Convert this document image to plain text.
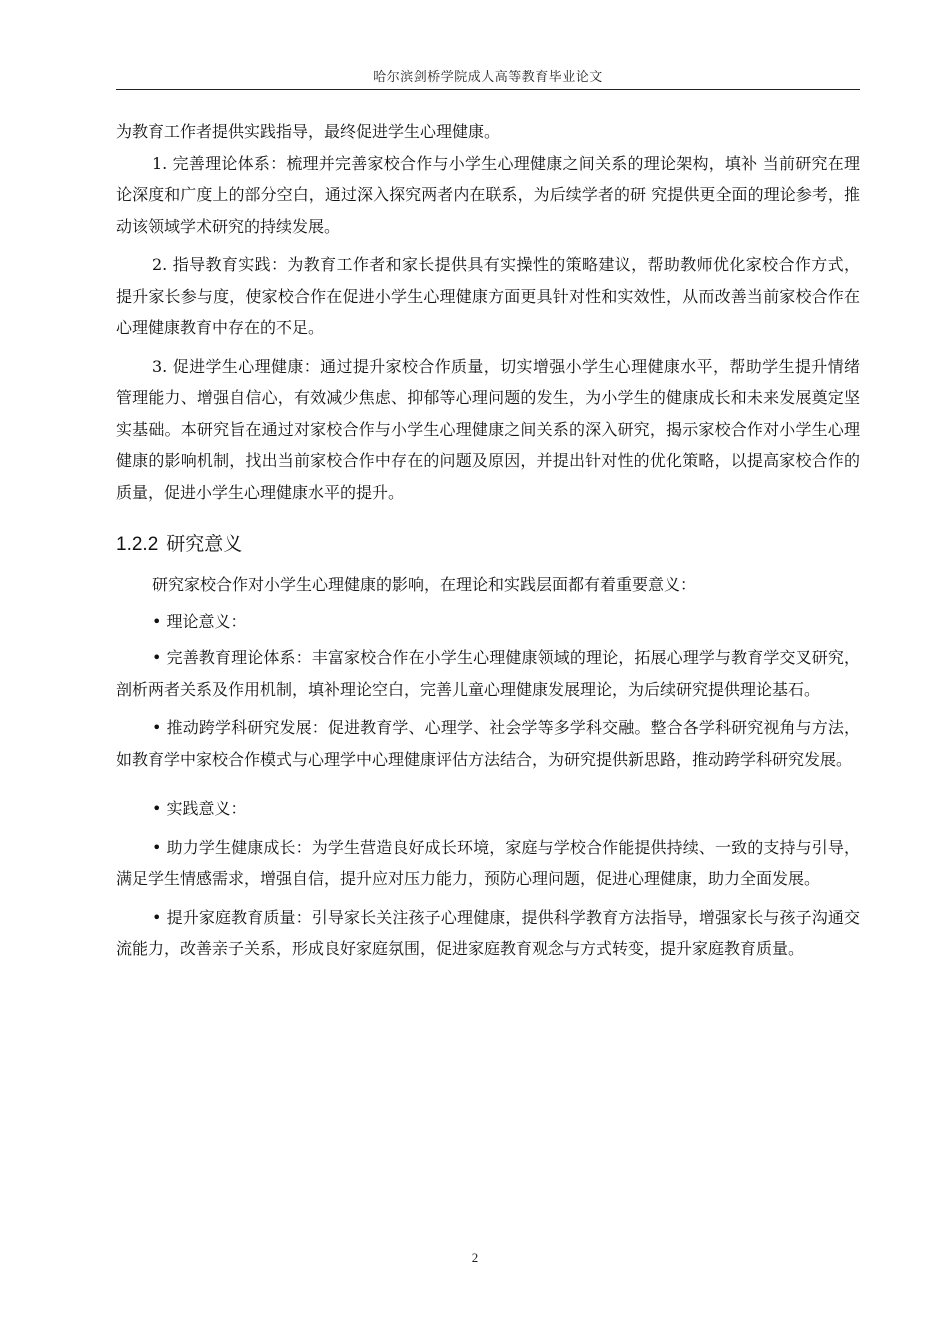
哈尔滨剑桥学院成人高等教育毕业论文

为教育工作者提供实践指导，最终促进学生心理健康。

1. 完善理论体系：梳理并完善家校合作与小学生心理健康之间关系的理论架构，填补 当前研究在理论深度和广度上的部分空白，通过深入探究两者内在联系，为后续学者的研 究提供更全面的理论参考，推动该领域学术研究的持续发展。

2. 指导教育实践：为教育工作者和家长提供具有实操性的策略建议，帮助教师优化家校合作方式，提升家长参与度，使家校合作在促进小学生心理健康方面更具针对性和实效性，从而改善当前家校合作在心理健康教育中存在的不足。

3. 促进学生心理健康：通过提升家校合作质量，切实增强小学生心理健康水平，帮助学生提升情绪管理能力、增强自信心，有效减少焦虑、抑郁等心理问题的发生，为小学生的健康成长和未来发展奠定坚实基础。本研究旨在通过对家校合作与小学生心理健康之间关系的深入研究，揭示家校合作对小学生心理健康的影响机制，找出当前家校合作中存在的问题及原因，并提出针对性的优化策略，以提高家校合作的质量，促进小学生心理健康水平的提升。

1.2.2 研究意义

研究家校合作对小学生心理健康的影响，在理论和实践层面都有着重要意义：

• 理论意义：

• 完善教育理论体系：丰富家校合作在小学生心理健康领域的理论，拓展心理学与教育学交叉研究，剖析两者关系及作用机制，填补理论空白，完善儿童心理健康发展理论，为后续研究提供理论基石。

• 推动跨学科研究发展：促进教育学、心理学、社会学等多学科交融。整合各学科研究视角与方法，如教育学中家校合作模式与心理学中心理健康评估方法结合，为研究提供新思路，推动跨学科研究发展。

• 实践意义：

• 助力学生健康成长：为学生营造良好成长环境，家庭与学校合作能提供持续、一致的支持与引导，满足学生情感需求，增强自信，提升应对压力能力，预防心理问题，促进心理健康，助力全面发展。

• 提升家庭教育质量：引导家长关注孩子心理健康，提供科学教育方法指导，增强家长与孩子沟通交流能力，改善亲子关系，形成良好家庭氛围，促进家庭教育观念与方式转变，提升家庭教育质量。

2
